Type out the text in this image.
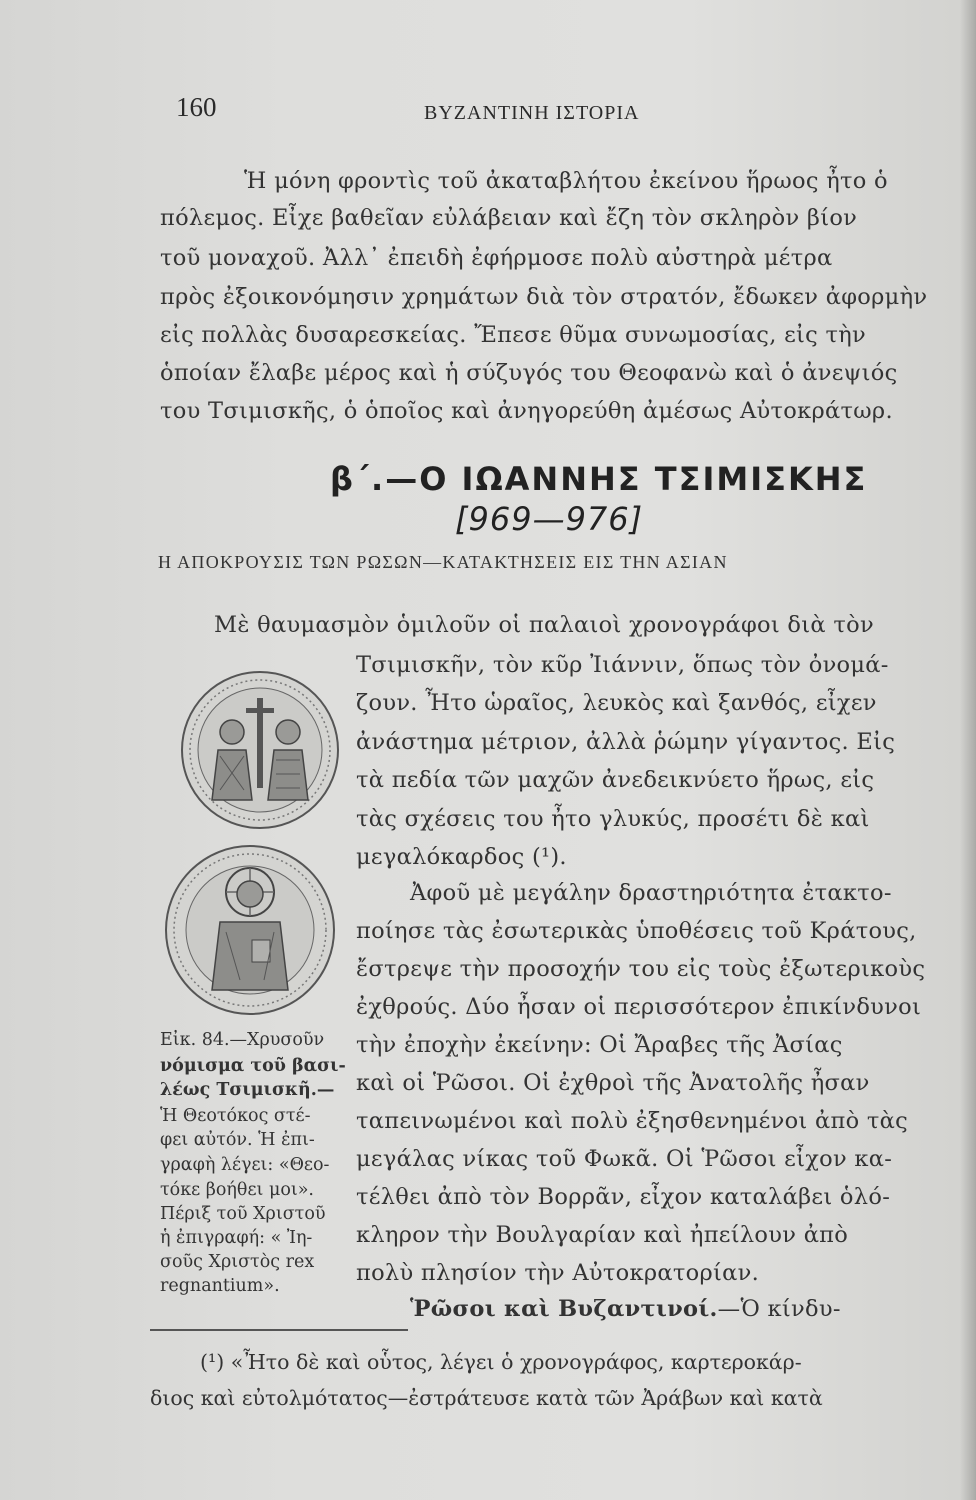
160	ΒΥΖΑΝΤΙΝΗ ΙΣΤΟΡΙΑ
Ἡ μόνη φροντὶς τοῦ ἀκαταβλήτου ἐκείνου ἥρωος ἦτο ὁ
πόλεμος. Εἶχε βαθεῖαν εὐλάβειαν καὶ ἔζη τὸν σκληρὸν βίον
τοῦ μοναχοῦ. Ἀλλ᾽ ἐπειδὴ ἐφήρμοσε πολὺ αὐστηρὰ μέτρα
πρὸς ἐξοικονόμησιν χρημάτων διὰ τὸν στρατόν, ἔδωκεν ἀφορμὴν
εἰς πολλὰς δυσαρεσκείας. Ἔπεσε θῦμα συνωμοσίας, εἰς τὴν
ὁποίαν ἔλαβε μέρος καὶ ἡ σύζυγός του Θεοφανὼ καὶ ὁ ἀνεψιός
του Τσιμισκῆς, ὁ ὁποῖος καὶ ἀνηγορεύθη ἀμέσως Αὐτοκράτωρ.
β΄.—Ο ΙΩΑΝΝΗΣ ΤΣΙΜΙΣΚΗΣ
[969—976]
Η ΑΠΟΚΡΟΥΣΙΣ ΤΩΝ ΡΩΣΩΝ—ΚΑΤΑΚΤΗΣΕΙΣ ΕΙΣ ΤΗΝ ΑΣΙΑΝ
Εἰκ. 84.—Χρυσοῦν
νόμισμα τοῦ βασι-
λέως Τσιμισκῆ.—
Ἡ Θεοτόκος στέ-
φει αὐτόν. Ἡ ἐπι-
γραφὴ λέγει: «Θεο-
τόκε βοήθει μοι».
Πέριξ τοῦ Χριστοῦ
ἡ ἐπιγραφή: « Ἰη-
σοῦς Χριστὸς rex
regnantium».
Μὲ θαυμασμὸν ὁμιλοῦν οἱ παλαιοὶ χρονογράφοι διὰ τὸν
Τσιμισκῆν, τὸν κῦρ Ἰιάννιν, ὅπως τὸν ὀνομά-
ζουν. Ἦτο ὡραῖος, λευκὸς καὶ ξανθός, εἶχεν
ἀνάστημα μέτριον, ἀλλὰ ῥώμην γίγαντος. Εἰς
τὰ πεδία τῶν μαχῶν ἀνεδεικνύετο ἥρως, εἰς
τὰς σχέσεις του ἦτο γλυκύς, προσέτι δὲ καὶ
μεγαλόκαρδος (¹).
Ἀφοῦ μὲ μεγάλην δραστηριότητα ἐτακτο-
ποίησε τὰς ἐσωτερικὰς ὑποθέσεις τοῦ Κράτους,
ἔστρεψε τὴν προσοχήν του εἰς τοὺς ἐξωτερικοὺς
ἐχθρούς. Δύο ἦσαν οἱ περισσότερον ἐπικίνδυνοι
τὴν ἐποχὴν ἐκείνην: Οἱ Ἄραβες τῆς Ἀσίας
καὶ οἱ Ῥῶσοι. Οἱ ἐχθροὶ τῆς Ἀνατολῆς ἦσαν
ταπεινωμένοι καὶ πολὺ ἐξησθενημένοι ἀπὸ τὰς
μεγάλας νίκας τοῦ Φωκᾶ. Οἱ Ῥῶσοι εἶχον κα-
τέλθει ἀπὸ τὸν Βορρᾶν, εἶχον καταλάβει ὁλό-
κληρον τὴν Βουλγαρίαν καὶ ἠπείλουν ἀπὸ
πολὺ πλησίον τὴν Αὐτοκρατορίαν.
Ῥῶσοι καὶ Βυζαντινοί.—Ὁ κίνδυ-
(¹) «Ἦτο δὲ καὶ οὗτος, λέγει ὁ χρονογράφος, καρτεροκάρ-
διος καὶ εὐτολμότατος—ἐστράτευσε κατὰ τῶν Ἀράβων καὶ κατὰ
